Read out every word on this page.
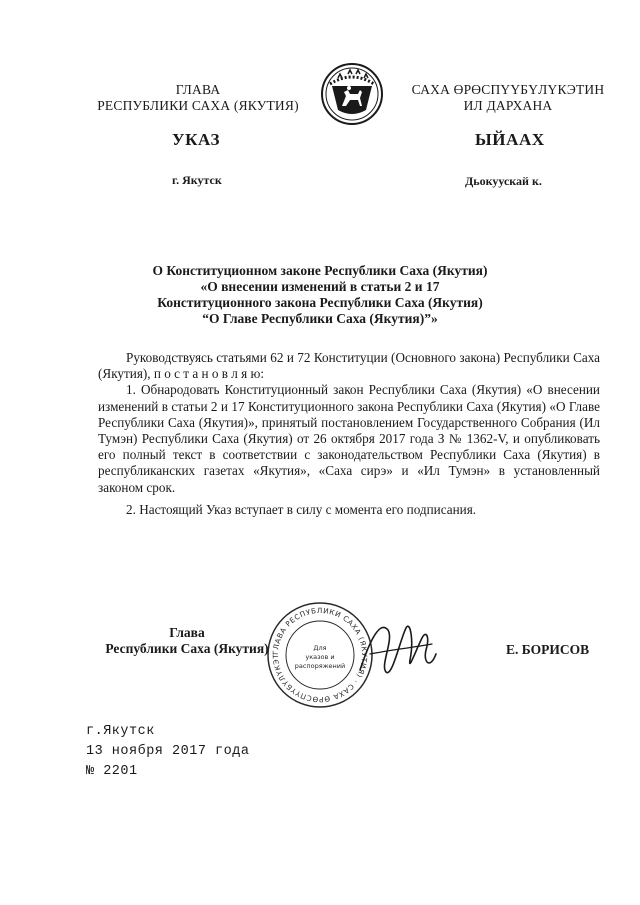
ГЛАВА
РЕСПУБЛИКИ САХА (ЯКУТИЯ)
САХА ӨРӨСПҮҮБҮЛҮКЭТИН
ИЛ ДАРХАНА
УКАЗ	ЫЙААХ
г. Якутск	Дьокуускай к.
О Конституционном законе Республики Саха (Якутия)
«О внесении изменений в статьи 2 и 17
Конституционного закона Республики Саха (Якутия)
“О Главе Республики Саха (Якутия)”»

Руководствуясь статьями 62 и 72 Конституции (Основного закона) Республики Саха (Якутия), п о с т а н о в л я ю:

1. Обнародовать Конституционный закон Республики Саха (Якутия) «О внесении изменений в статьи 2 и 17 Конституционного закона Республики Саха (Якутия) «О Главе Республики Саха (Якутия)», принятый постановлением Государственного Собрания (Ил Тумэн) Республики Саха (Якутия) от 26 октября 2017 года З № 1362-V, и опубликовать его полный текст в соответствии с законодательством Республики Саха (Якутия) в республиканских газетах «Якутия», «Саха сирэ» и «Ил Тумэн» в установленный законом срок.

2. Настоящий Указ вступает в силу с момента его подписания.

Глава
Республики Саха (Якутия) ГЛАВА РЕСПУБЛИКИ САХА (ЯКУТИЯ) · САХА ӨРӨСПҮҮБҮЛҮКЭТ
Для
указов и
распоряжений
Е. БОРИСОВ
г.Якутск
13 ноября 2017 года
№ 2201
